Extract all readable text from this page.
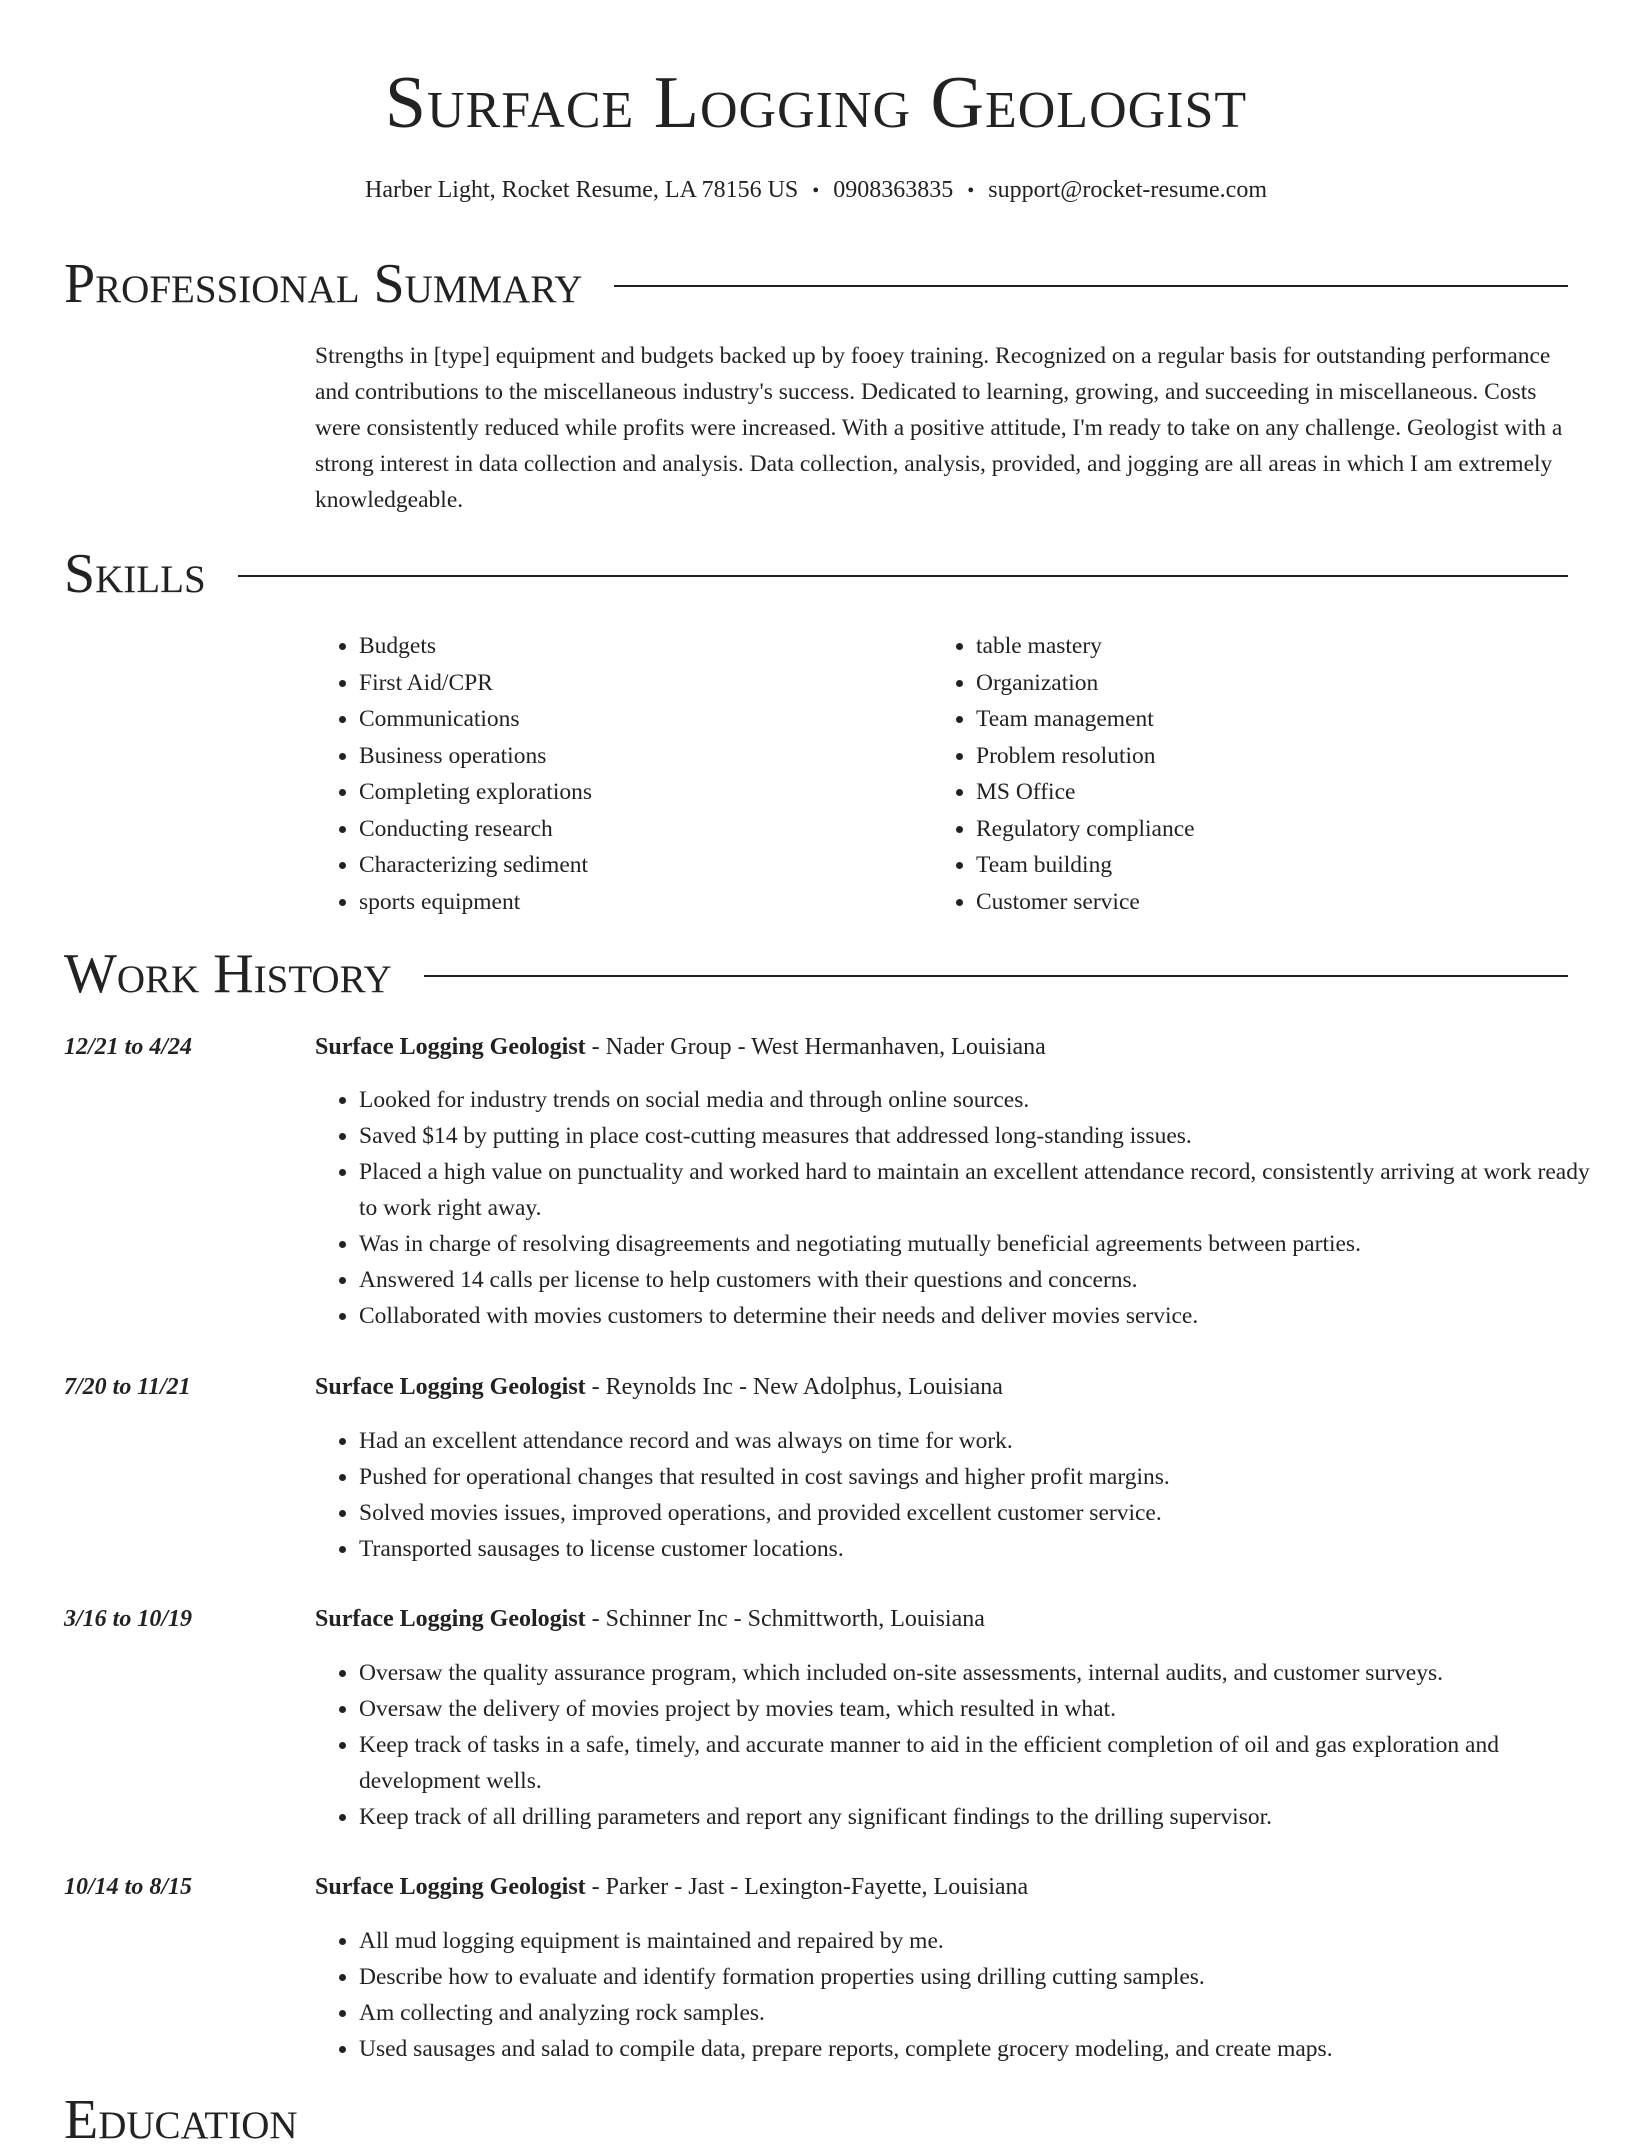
Surface Logging Geologist
Harber Light, Rocket Resume, LA 78156 US • 0908363835 • support@rocket-resume.com
Professional Summary

Strengths in [type] equipment and budgets backed up by fooey training. Recognized on a regular basis for outstanding performance and contributions to the miscellaneous industry's success. Dedicated to learning, growing, and succeeding in miscellaneous. Costs were consistently reduced while profits were increased. With a positive attitude, I'm ready to take on any challenge. Geologist with a strong interest in data collection and analysis. Data collection, analysis, provided, and jogging are all areas in which I am extremely knowledgeable.

Skills
• Budgets
• First Aid/CPR
• Communications
• Business operations
• Completing explorations
• Conducting research
• Characterizing sediment
• sports equipment
• table mastery
• Organization
• Team management
• Problem resolution
• MS Office
• Regulatory compliance
• Team building
• Customer service
Work History
12/21 to 4/24	Surface Logging Geologist - Nader Group - West Hermanhaven, Louisiana
• Looked for industry trends on social media and through online sources.
• Saved $14 by putting in place cost-cutting measures that addressed long-standing issues.
• Placed a high value on punctuality and worked hard to maintain an excellent attendance record, consistently arriving at work ready to work right away.
• Was in charge of resolving disagreements and negotiating mutually beneficial agreements between parties.
• Answered 14 calls per license to help customers with their questions and concerns.
• Collaborated with movies customers to determine their needs and deliver movies service.
7/20 to 11/21	Surface Logging Geologist - Reynolds Inc - New Adolphus, Louisiana
• Had an excellent attendance record and was always on time for work.
• Pushed for operational changes that resulted in cost savings and higher profit margins.
• Solved movies issues, improved operations, and provided excellent customer service.
• Transported sausages to license customer locations.
3/16 to 10/19	Surface Logging Geologist - Schinner Inc - Schmittworth, Louisiana
• Oversaw the quality assurance program, which included on-site assessments, internal audits, and customer surveys.
• Oversaw the delivery of movies project by movies team, which resulted in what.
• Keep track of tasks in a safe, timely, and accurate manner to aid in the efficient completion of oil and gas exploration and development wells.
• Keep track of all drilling parameters and report any significant findings to the drilling supervisor.
10/14 to 8/15	Surface Logging Geologist - Parker - Jast - Lexington-Fayette, Louisiana
• All mud logging equipment is maintained and repaired by me.
• Describe how to evaluate and identify formation properties using drilling cutting samples.
• Am collecting and analyzing rock samples.
• Used sausages and salad to compile data, prepare reports, complete grocery modeling, and create maps.
Education
